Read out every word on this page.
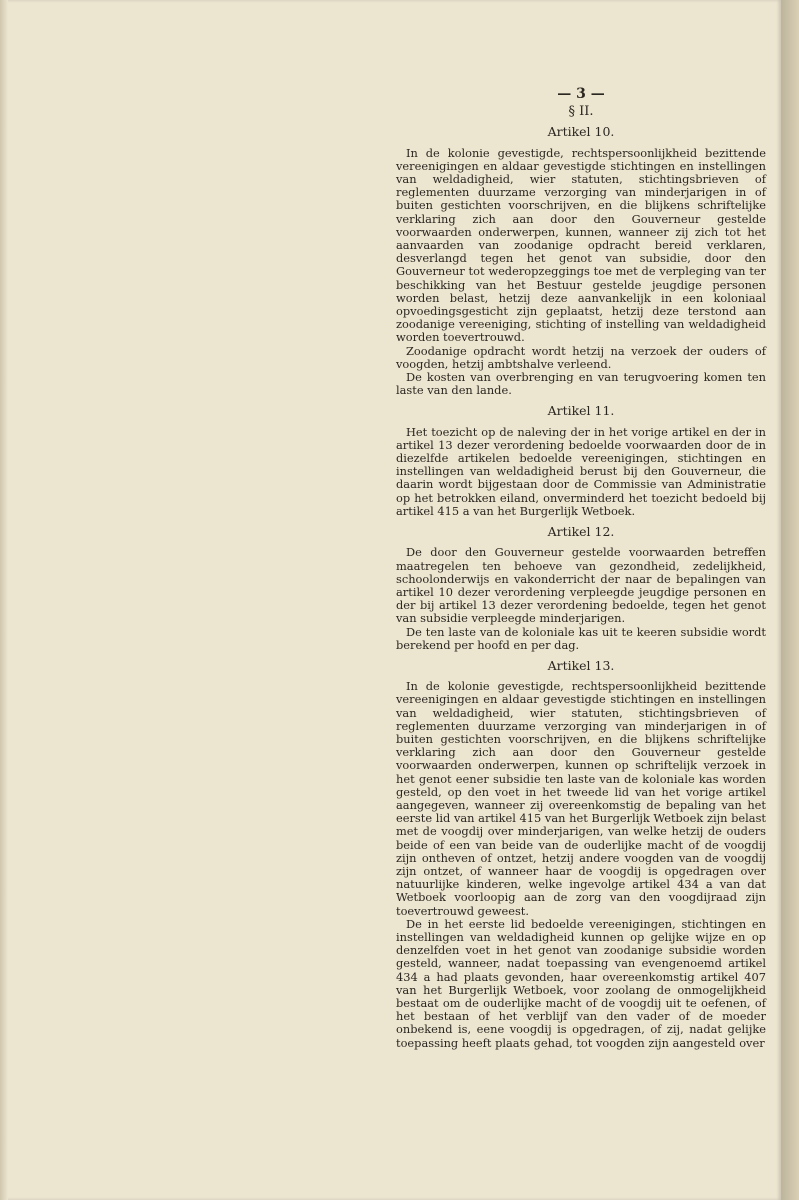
— 3 —
§ II.
Artikel 10.

In de kolonie gevestigde, rechtspersoonlijkheid bezittende vereenigingen en aldaar gevestigde stichtingen en instellingen van weldadigheid, wier statuten, stichtingsbrieven of reglementen duurzame verzorging van minderjarigen in of buiten gestichten voorschrijven, en die blijkens schriftelijke verklaring zich aan door den Gouverneur gestelde voorwaarden onderwerpen, kunnen, wanneer zij zich tot het aanvaarden van zoodanige opdracht bereid verklaren, desverlangd tegen het genot van subsidie, door den Gouverneur tot wederopzeggings toe met de verpleging van ter beschikking van het Bestuur gestelde jeugdige personen worden belast, hetzij deze aanvankelijk in een koloniaal opvoedingsgesticht zijn geplaatst, hetzij deze terstond aan zoodanige vereeniging, stichting of instelling van weldadigheid worden toevertrouwd.

Zoodanige opdracht wordt hetzij na verzoek der ouders of voogden, hetzij ambtshalve verleend.

De kosten van overbrenging en van terugvoering komen ten laste van den lande.

Artikel 11.

Het toezicht op de naleving der in het vorige artikel en der in artikel 13 dezer verordening bedoelde voorwaarden door de in diezelfde artikelen bedoelde vereenigingen, stichtingen en instellingen van weldadigheid berust bij den Gouverneur, die daarin wordt bijgestaan door de Commissie van Administratie op het betrokken eiland, onverminderd het toezicht bedoeld bij artikel 415 a van het Burgerlijk Wetboek.

Artikel 12.

De door den Gouverneur gestelde voorwaarden betreffen maatregelen ten behoeve van gezondheid, zedelijkheid, schoolonderwijs en vakonderricht der naar de bepalingen van artikel 10 dezer verordening verpleegde jeugdige personen en der bij artikel 13 dezer verordening bedoelde, tegen het genot van subsidie verpleegde minderjarigen.

De ten laste van de koloniale kas uit te keeren subsidie wordt berekend per hoofd en per dag.

Artikel 13.

In de kolonie gevestigde, rechtspersoonlijkheid bezittende vereenigingen en aldaar gevestigde stichtingen en instellingen van weldadigheid, wier statuten, stichtingsbrieven of reglementen duurzame verzorging van minderjarigen in of buiten gestichten voorschrijven, en die blijkens schriftelijke verklaring zich aan door den Gouverneur gestelde voorwaarden onderwerpen, kunnen op schriftelijk verzoek in het genot eener subsidie ten laste van de koloniale kas worden gesteld, op den voet in het tweede lid van het vorige artikel aangegeven, wanneer zij overeenkomstig de bepaling van het eerste lid van artikel 415 van het Burgerlijk Wetboek zijn belast met de voogdij over minderjarigen, van welke hetzij de ouders beide of een van beide van de ouderlijke macht of de voogdij zijn ontheven of ontzet, hetzij andere voogden van de voogdij zijn ontzet, of wanneer haar de voogdij is opgedragen over natuurlijke kinderen, welke ingevolge artikel 434 a van dat Wetboek voorloopig aan de zorg van den voogdijraad zijn toevertrouwd geweest.

De in het eerste lid bedoelde vereenigingen, stichtingen en instellingen van weldadigheid kunnen op gelijke wijze en op denzelfden voet in het genot van zoodanige subsidie worden gesteld, wanneer, nadat toepassing van evengenoemd artikel 434 a had plaats gevonden, haar overeenkomstig artikel 407 van het Burgerlijk Wetboek, voor zoolang de onmogelijkheid bestaat om de ouderlijke macht of de voogdij uit te oefenen, of het bestaan of het verblijf van den vader of de moeder onbekend is, eene voogdij is opgedragen, of zij, nadat gelijke toepassing heeft plaats gehad, tot voogden zijn aangesteld over
